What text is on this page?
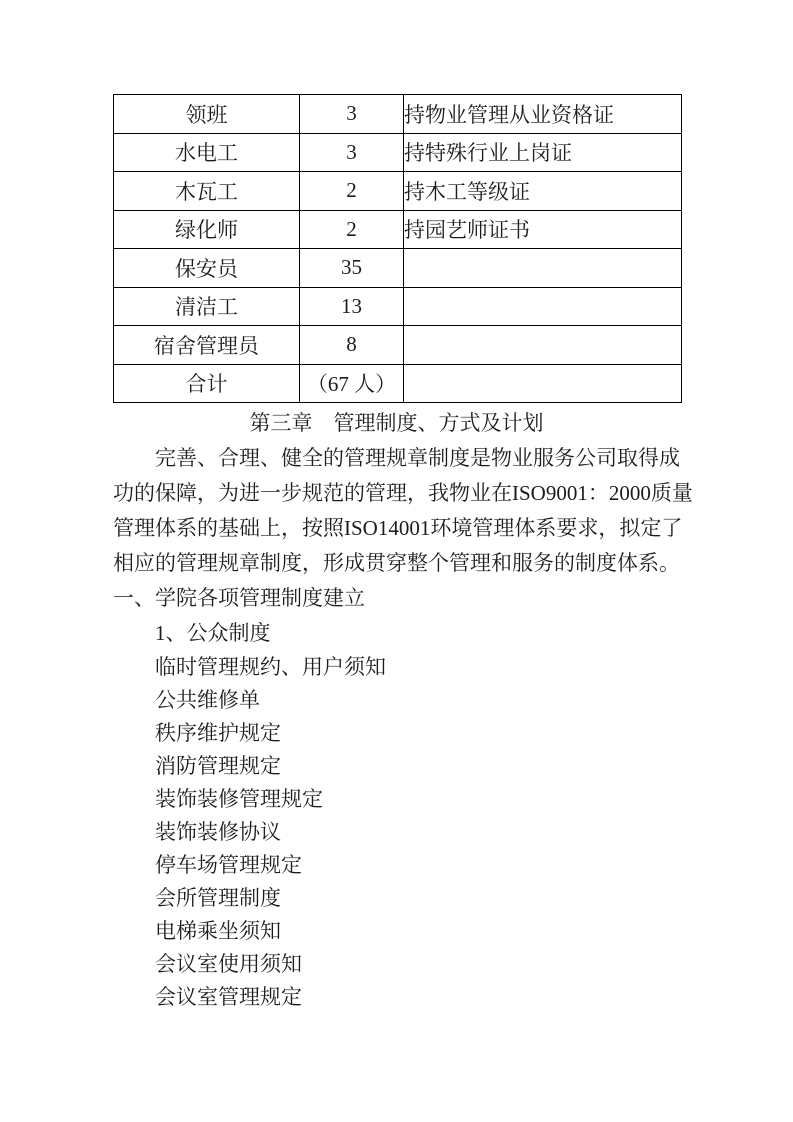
领班	3	持物业管理从业资格证
水电工	3	持特殊行业上岗证
木瓦工	2	持木工等级证
绿化师	2	持园艺师证书
保安员	35	
清洁工	13	
宿舍管理员	8	
合计	（67 人）	
第三章　管理制度、方式及计划
完善、合理、健全的管理规章制度是物业服务公司取得成
功的保障，为进一步规范的管理，我物业在ISO9001：2000质量
管理体系的基础上，按照ISO14001环境管理体系要求，拟定了
相应的管理规章制度，形成贯穿整个管理和服务的制度体系。
一、学院各项管理制度建立
1、公众制度
临时管理规约、用户须知
公共维修单
秩序维护规定
消防管理规定
装饰装修管理规定
装饰装修协议
停车场管理规定
会所管理制度
电梯乘坐须知
会议室使用须知
会议室管理规定
